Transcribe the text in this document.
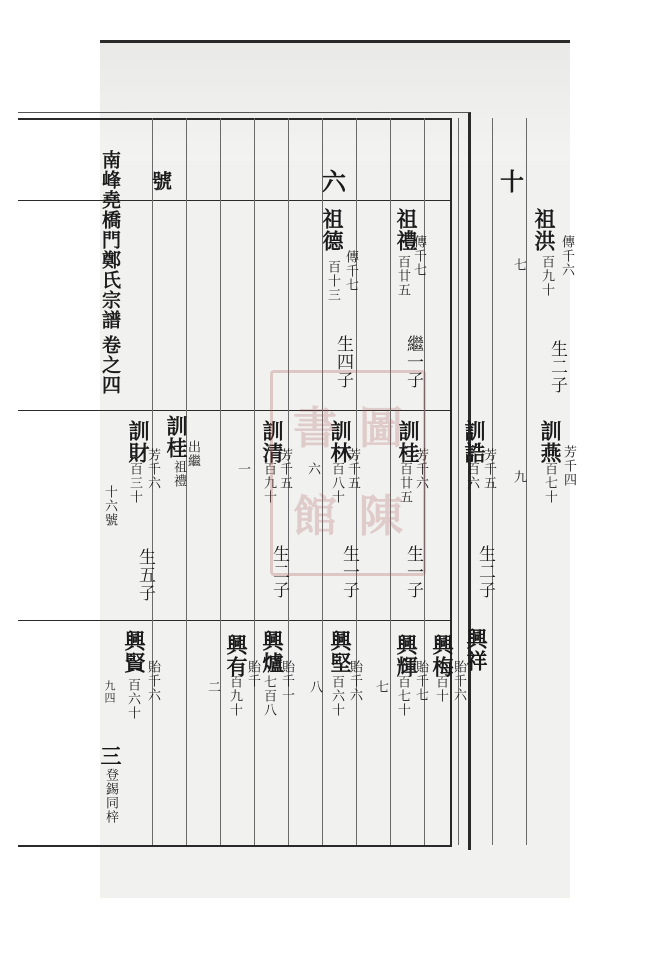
南峰堯橋門鄭氏宗譜
卷之四
十六號
十
六
號
祖洪
傳千六
百九十
生二子
七
祖禮
傳千七
百廿五
繼一子
祖德
傳千七
百十三
生四子
訓燕
芳千四
百七十
九
訓誥
芳千五
百六
生二子
訓桂
芳千六
百廿五
生一子
訓林
芳千五
百八十
生一子
六
訓清
芳千五
百九十
生二子
一
訓桂
出繼
祖禮
訓財
芳千六
百三十
生五子
興祥
興梅
貽千六
百十
興輝
貽千七
百七十
七
興堅
貽千六
百六十
八
興爐
貽千一
七百八
興有
貽千
百九十
二
興賢
貽千六
百六十
九四
三
登錫同梓
書 圖
館 陳
